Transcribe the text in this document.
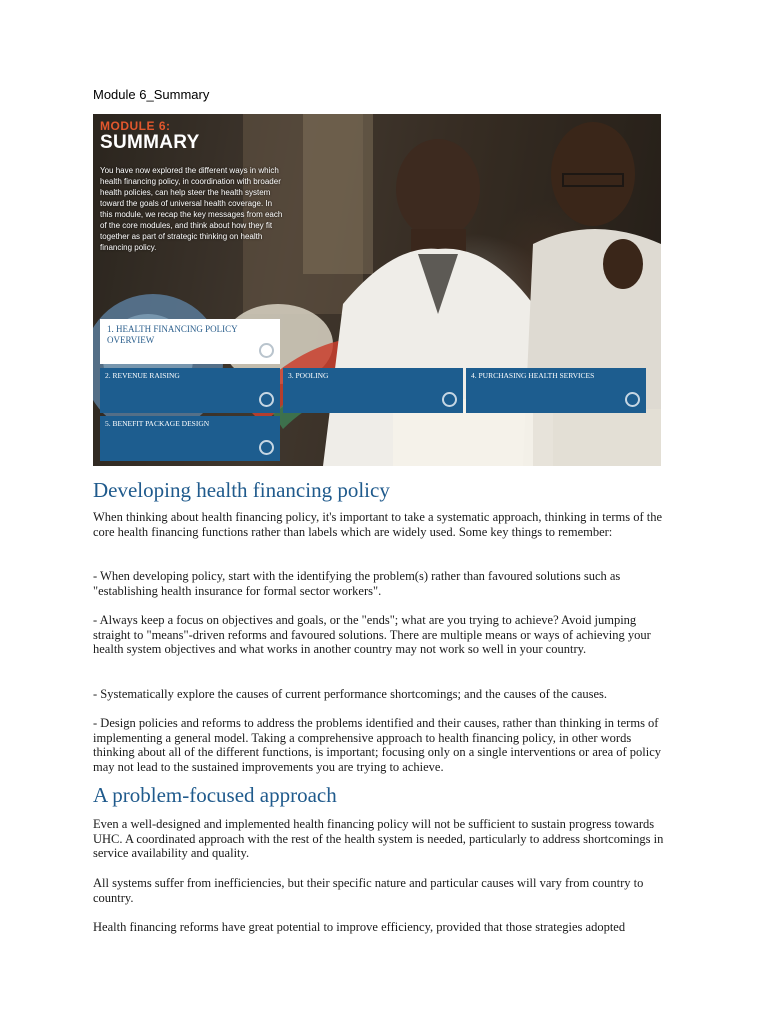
Module 6_Summary
MODULE 6:
SUMMARY
You have now explored the different ways in which health financing policy, in coordination with broader health policies, can help steer the health system toward the goals of universal health coverage. In this module, we recap the key messages from each of the core modules, and think about how they fit together as part of strategic thinking on health financing policy.
1. HEALTH FINANCING POLICY OVERVIEW
2. REVENUE RAISING	3. POOLING	4. PURCHASING HEALTH SERVICES
5. BENEFIT PACKAGE DESIGN
Developing health financing policy

When thinking about health financing policy, it's important to take a systematic approach, thinking in terms of the core health financing functions rather than labels which are widely used. Some key things to remember:

- When developing policy, start with the identifying the problem(s) rather than favoured solutions such as "establishing health insurance for formal sector workers".

- Always keep a focus on objectives and goals, or the "ends"; what are you trying to achieve? Avoid jumping straight to "means"-driven reforms and favoured solutions. There are multiple means or ways of achieving your health system objectives and what works in another country may not work so well in your country.

- Systematically explore the causes of current performance shortcomings; and the causes of the causes.

- Design policies and reforms to address the problems identified and their causes, rather than thinking in terms of implementing a general model. Taking a comprehensive approach to health financing policy, in other words thinking about all of the different functions, is important; focusing only on a single interventions or area of policy may not lead to the sustained improvements you are trying to achieve.

A problem-focused approach

Even a well-designed and implemented health financing policy will not be sufficient to sustain progress towards UHC. A coordinated approach with the rest of the health system is needed, particularly to address shortcomings in service availability and quality.

All systems suffer from inefficiencies, but their specific nature and particular causes will vary from country to country.

Health financing reforms have great potential to improve efficiency, provided that those strategies adopted
